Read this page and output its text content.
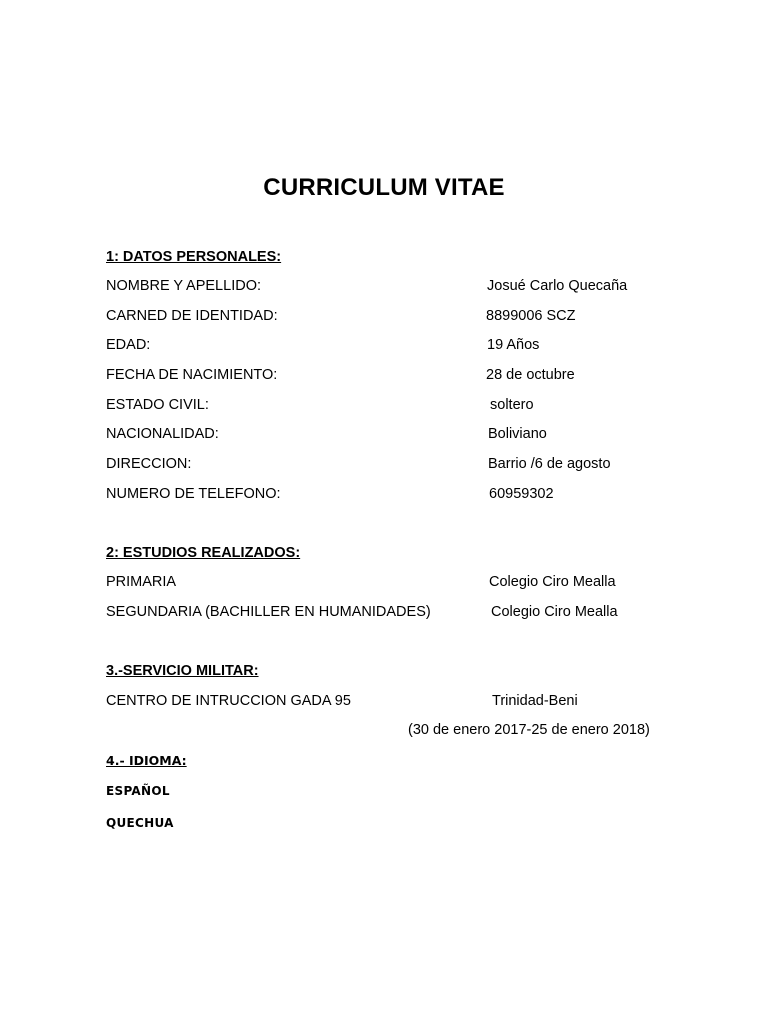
CURRICULUM VITAE
1: DATOS PERSONALES:
NOMBRE Y APELLIDO:	Josué Carlo Quecaña
CARNED DE IDENTIDAD:	8899006 SCZ
EDAD:	19 Años
FECHA DE NACIMIENTO:	28 de octubre
ESTADO CIVIL:	soltero
NACIONALIDAD:	Boliviano
DIRECCION:	Barrio /6 de agosto
NUMERO DE TELEFONO:	60959302
2: ESTUDIOS REALIZADOS:
PRIMARIA	Colegio Ciro Mealla
SEGUNDARIA (BACHILLER EN HUMANIDADES)	Colegio Ciro Mealla
3.-SERVICIO MILITAR:
CENTRO DE INTRUCCION GADA 95	Trinidad-Beni
(30 de enero 2017-25 de enero 2018)
4.- IDIOMA:
ESPAÑOL
QUECHUA
